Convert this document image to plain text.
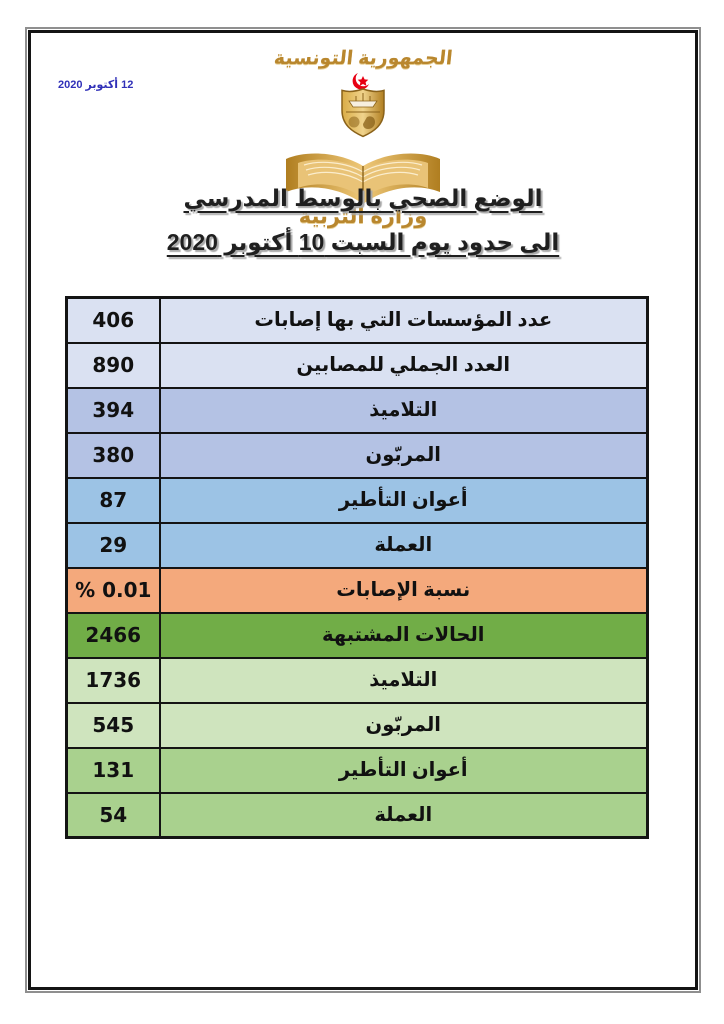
12 أكتوبر 2020
الجمهورية التونسية
وزارة التربية
الوضع الصحي بالوسط المدرسي
الى حدود يوم السبت 10 أكتوبر 2020
406	عدد المؤسسات التي بها إصابات
890	العدد الجملي للمصابين
394	التلاميذ
380	المربّون
87	أعوان التأطير
29	العملة
% 0.01	نسبة الإصابات
2466	الحالات المشتبهة
1736	التلاميذ
545	المربّون
131	أعوان التأطير
54	العملة
